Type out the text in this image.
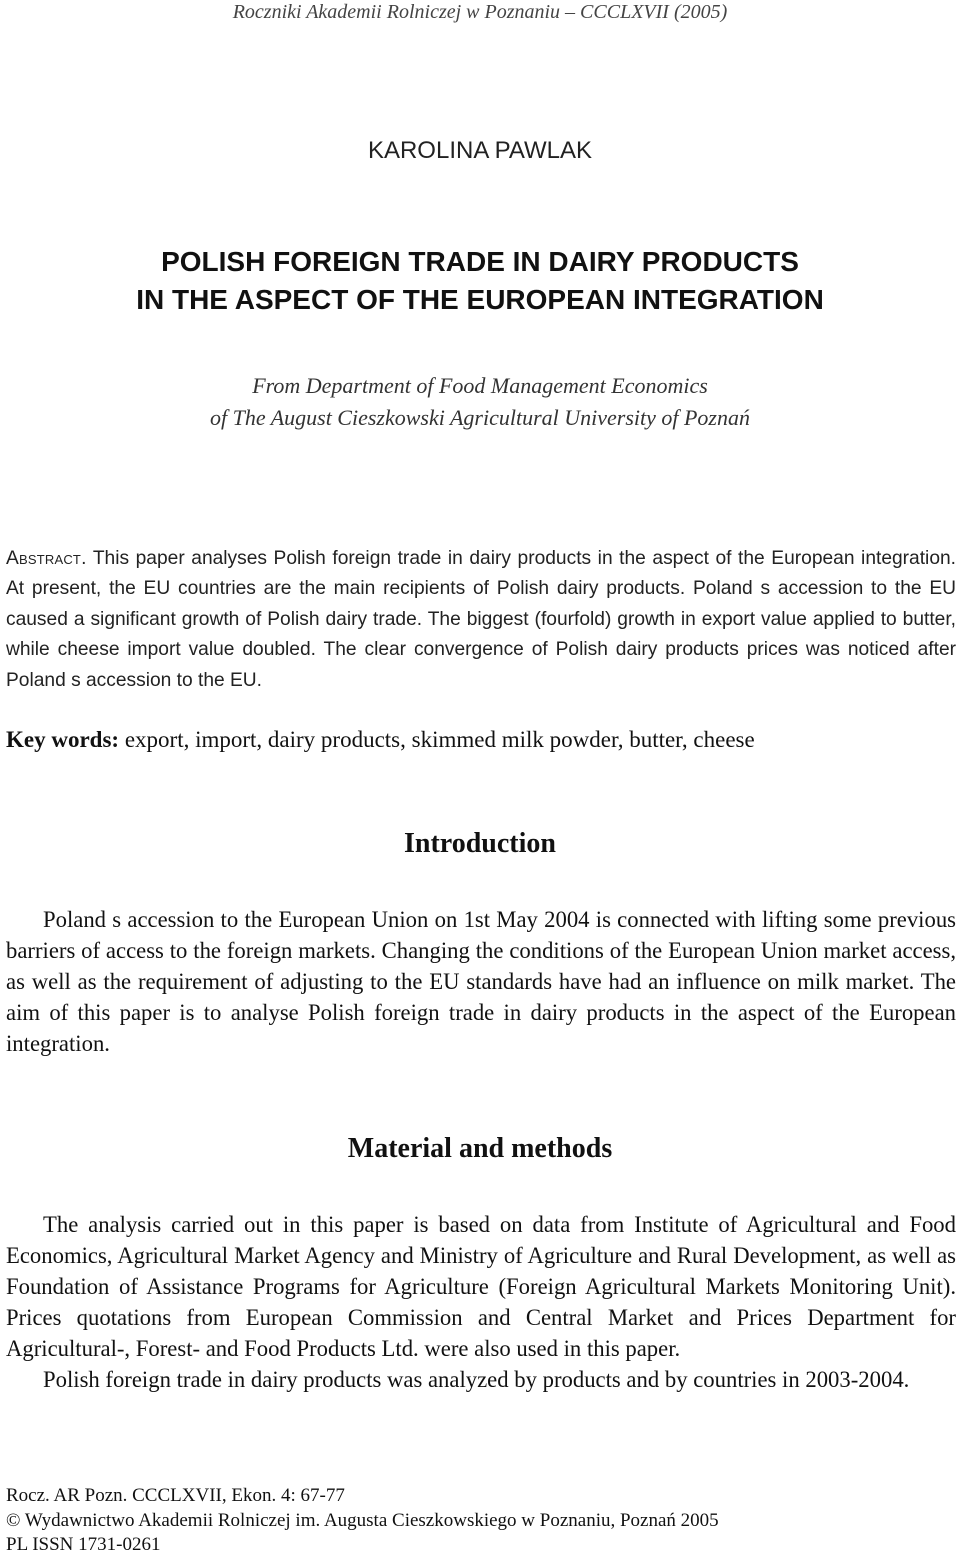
Roczniki Akademii Rolniczej w Poznaniu – CCCLXVII (2005)
KAROLINA PAWLAK
POLISH FOREIGN TRADE IN DAIRY PRODUCTS
IN THE ASPECT OF THE EUROPEAN INTEGRATION
From Department of Food Management Economics
of The August Cieszkowski Agricultural University of Poznań
Abstract. This paper analyses Polish foreign trade in dairy products in the aspect of the European integration. At present, the EU countries are the main recipients of Polish dairy products. Poland s accession to the EU caused a significant growth of Polish dairy trade. The biggest (fourfold) growth in export value applied to butter, while cheese import value doubled. The clear convergence of Polish dairy products prices was noticed after Poland s accession to the EU.
Key words: export, import, dairy products, skimmed milk powder, butter, cheese
Introduction

Poland s accession to the European Union on 1st May 2004 is connected with lifting some previous barriers of access to the foreign markets. Changing the conditions of the European Union market access, as well as the requirement of adjusting to the EU standards have had an influence on milk market. The aim of this paper is to analyse Polish foreign trade in dairy products in the aspect of the European integration.

Material and methods

The analysis carried out in this paper is based on data from Institute of Agricultural and Food Economics, Agricultural Market Agency and Ministry of Agriculture and Rural Development, as well as Foundation of Assistance Programs for Agriculture (Foreign Agricultural Markets Monitoring Unit). Prices quotations from European Commission and Central Market and Prices Department for Agricultural-, Forest- and Food Products Ltd. were also used in this paper.

Polish foreign trade in dairy products was analyzed by products and by countries in 2003-2004.

Rocz. AR Pozn. CCCLXVII, Ekon. 4: 67-77
© Wydawnictwo Akademii Rolniczej im. Augusta Cieszkowskiego w Poznaniu, Poznań 2005
PL ISSN 1731-0261
